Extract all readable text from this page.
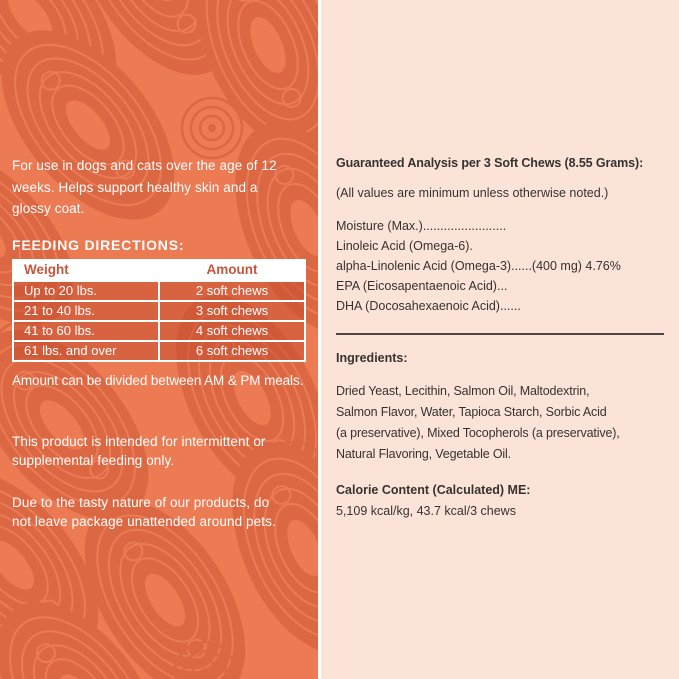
For use in dogs and cats over the age of 12
weeks. Helps support healthy skin and a
glossy coat.

FEEDING DIRECTIONS:
Weight	Amount
Up to 20 lbs.	2 soft chews
21 to 40 lbs.	3 soft chews
41 to 60 lbs.	4 soft chews
61 lbs. and over	6 soft chews

Amount can be divided between AM & PM meals.

This product is intended for intermittent or
supplemental feeding only.

Due to the tasty nature of our products, do
not leave package unattended around pets.

Guaranteed Analysis per 3 Soft Chews (8.55 Grams):

(All values are minimum unless otherwise noted.)

Moisture (Max.)........................
Linoleic Acid (Omega-6).
alpha-Linolenic Acid (Omega-3)......(400 mg) 4.76%
EPA (Eicosapentaenoic Acid)...
DHA (Docosahexaenoic Acid)......
Ingredients:
Dried Yeast, Lecithin, Salmon Oil, Maltodextrin,
Salmon Flavor, Water, Tapioca Starch, Sorbic Acid
(a preservative), Mixed Tocopherols (a preservative),
Natural Flavoring, Vegetable Oil.
Calorie Content (Calculated) ME:

5,109 kcal/kg, 43.7 kcal/3 chews
